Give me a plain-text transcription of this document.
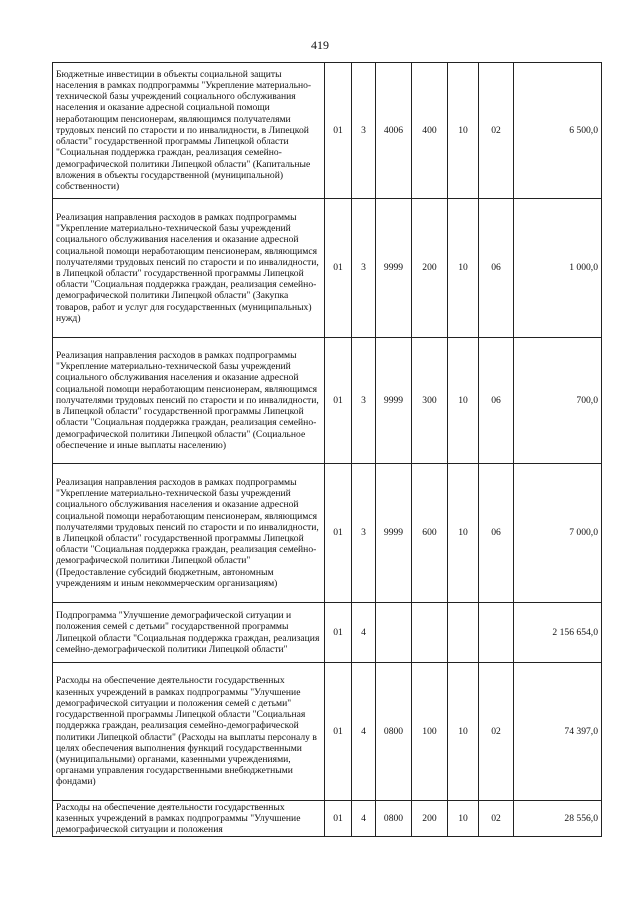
419
Бюджетные инвестиции в объекты социальной защиты населения в рамках подпрограммы "Укрепление материально-технической базы учреждений социального обслуживания населения и оказание адресной социальной помощи неработающим пенсионерам, являющимся получателями трудовых пенсий по старости и по инвалидности, в Липецкой области" государственной программы Липецкой области "Социальная поддержка граждан, реализация семейно-демографической политики Липецкой области" (Капитальные вложения в объекты государственной (муниципальной) собственности)	01	3	4006	400	10	02	6 500,0
Реализация направления расходов в рамках подпрограммы "Укрепление материально-технической базы учреждений социального обслуживания населения и оказание адресной социальной помощи неработающим пенсионерам, являющимся получателями трудовых пенсий по старости и по инвалидности, в Липецкой области" государственной программы Липецкой области "Социальная поддержка граждан, реализация семейно-демографической политики Липецкой области" (Закупка товаров, работ и услуг для государственных (муниципальных) нужд)	01	3	9999	200	10	06	1 000,0
Реализация направления расходов в рамках подпрограммы "Укрепление материально-технической базы учреждений социального обслуживания населения и оказание адресной социальной помощи неработающим пенсионерам, являющимся получателями трудовых пенсий по старости и по инвалидности, в Липецкой области" государственной программы Липецкой области "Социальная поддержка граждан, реализация семейно-демографической политики Липецкой области" (Социальное обеспечение и иные выплаты населению)	01	3	9999	300	10	06	700,0
Реализация направления расходов в рамках подпрограммы "Укрепление материально-технической базы учреждений социального обслуживания населения и оказание адресной социальной помощи неработающим пенсионерам, являющимся получателями трудовых пенсий по старости и по инвалидности, в Липецкой области" государственной программы Липецкой области "Социальная поддержка граждан, реализация семейно-демографической политики Липецкой области" (Предоставление субсидий бюджетным, автономным учреждениям и иным некоммерческим организациям)	01	3	9999	600	10	06	7 000,0
Подпрограмма "Улучшение демографической ситуации и положения семей с детьми" государственной программы Липецкой области "Социальная поддержка граждан, реализация семейно-демографической политики Липецкой области"	01	4					2 156 654,0
Расходы на обеспечение деятельности государственных казенных учреждений в рамках подпрограммы "Улучшение демографической ситуации и положения семей с детьми" государственной программы Липецкой области "Социальная поддержка граждан, реализация семейно-демографической политики Липецкой области" (Расходы на выплаты персоналу в целях обеспечения выполнения функций государственными (муниципальными) органами, казенными учреждениями, органами управления государственными внебюджетными фондами)	01	4	0800	100	10	02	74 397,0
Расходы на обеспечение деятельности государственных казенных учреждений в рамках подпрограммы "Улучшение демографической ситуации и положения	01	4	0800	200	10	02	28 556,0
